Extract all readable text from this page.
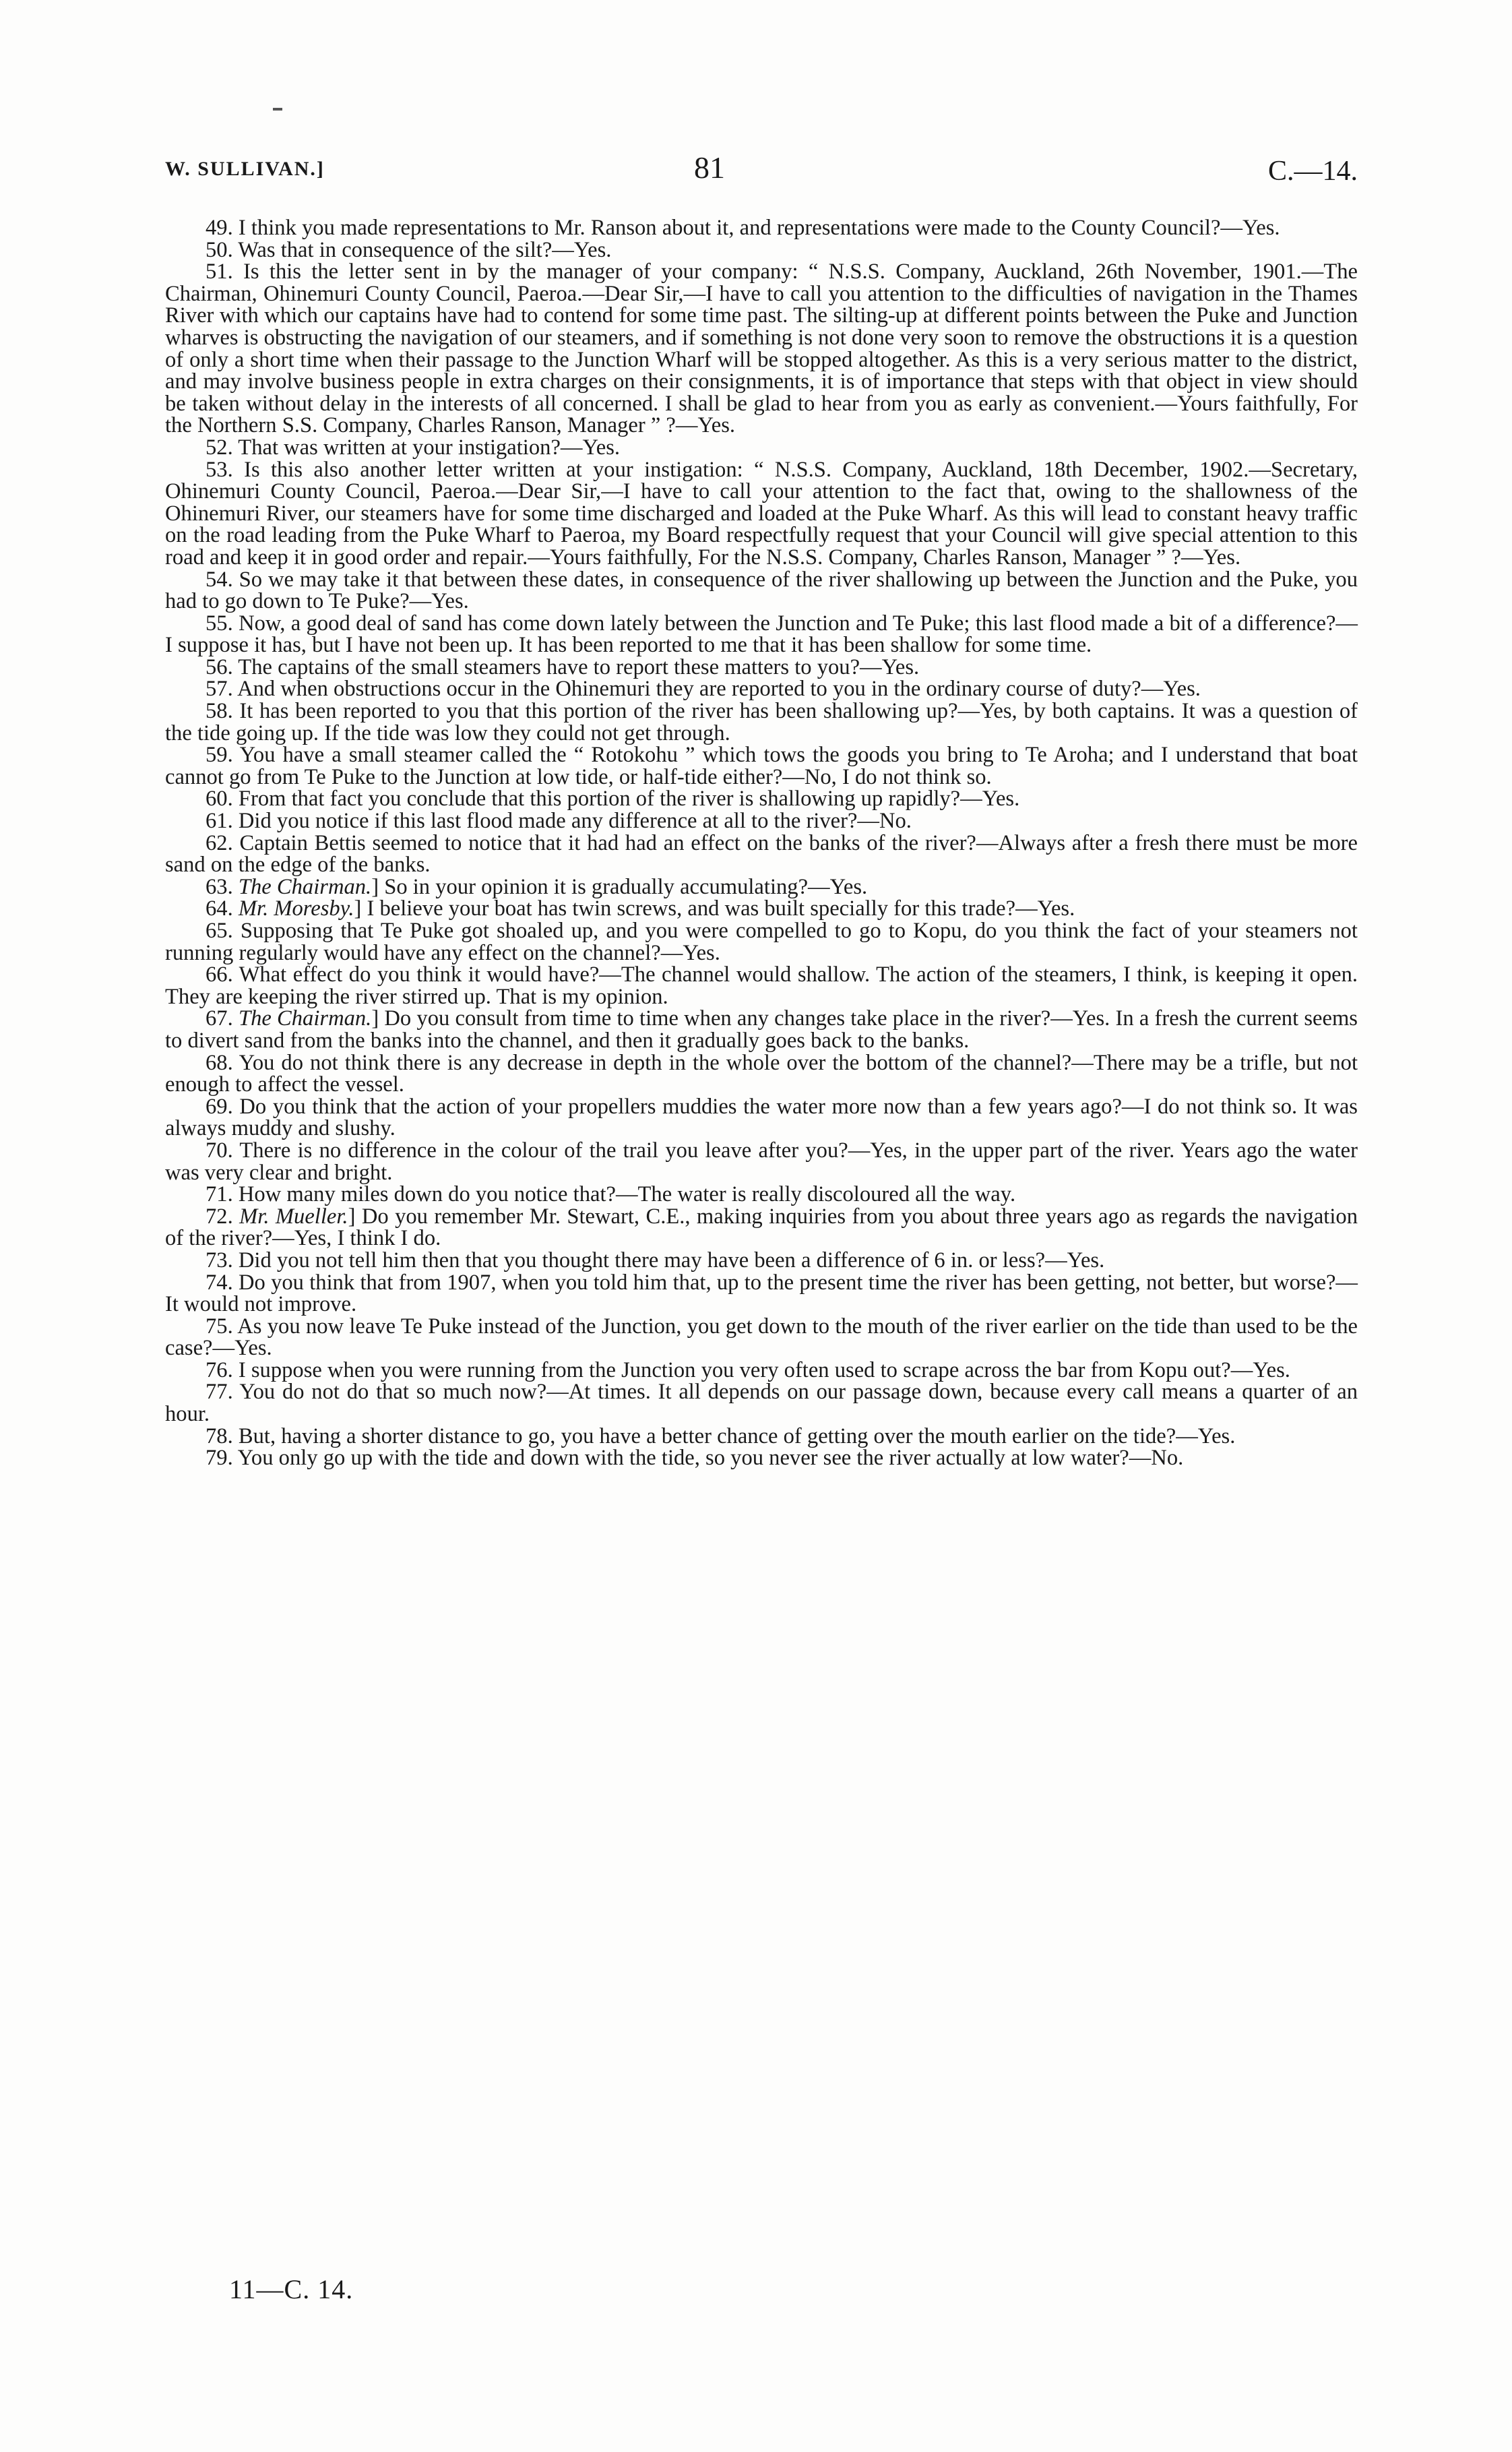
W. SULLIVAN.]	81	C.—14.

49. I think you made representations to Mr. Ranson about it, and representations were made to the County Council?—Yes.

50. Was that in consequence of the silt?—Yes.

51. Is this the letter sent in by the manager of your company: “ N.S.S. Company, Auckland, 26th November, 1901.—The Chairman, Ohinemuri County Council, Paeroa.—Dear Sir,—I have to call you attention to the difficulties of navigation in the Thames River with which our captains have had to contend for some time past. The silting-up at different points between the Puke and Junction wharves is obstructing the navigation of our steamers, and if something is not done very soon to remove the obstructions it is a question of only a short time when their passage to the Junction Wharf will be stopped altogether. As this is a very serious matter to the district, and may involve business people in extra charges on their consignments, it is of importance that steps with that object in view should be taken without delay in the interests of all concerned. I shall be glad to hear from you as early as convenient.—Yours faithfully, For the Northern S.S. Company, Charles Ranson, Manager ” ?—Yes.

52. That was written at your instigation?—Yes.

53. Is this also another letter written at your instigation: “ N.S.S. Company, Auckland, 18th December, 1902.—Secretary, Ohinemuri County Council, Paeroa.—Dear Sir,—I have to call your attention to the fact that, owing to the shallowness of the Ohinemuri River, our steamers have for some time discharged and loaded at the Puke Wharf. As this will lead to constant heavy traffic on the road leading from the Puke Wharf to Paeroa, my Board respectfully request that your Council will give special attention to this road and keep it in good order and repair.—Yours faithfully, For the N.S.S. Company, Charles Ranson, Manager ” ?—Yes.

54. So we may take it that between these dates, in consequence of the river shallowing up between the Junction and the Puke, you had to go down to Te Puke?—Yes.

55. Now, a good deal of sand has come down lately between the Junction and Te Puke; this last flood made a bit of a difference?—I suppose it has, but I have not been up. It has been reported to me that it has been shallow for some time.

56. The captains of the small steamers have to report these matters to you?—Yes.

57. And when obstructions occur in the Ohinemuri they are reported to you in the ordinary course of duty?—Yes.

58. It has been reported to you that this portion of the river has been shallowing up?—Yes, by both captains. It was a question of the tide going up. If the tide was low they could not get through.

59. You have a small steamer called the “ Rotokohu ” which tows the goods you bring to Te Aroha; and I understand that boat cannot go from Te Puke to the Junction at low tide, or half-tide either?—No, I do not think so.

60. From that fact you conclude that this portion of the river is shallowing up rapidly?—Yes.

61. Did you notice if this last flood made any difference at all to the river?—No.

62. Captain Bettis seemed to notice that it had had an effect on the banks of the river?—Always after a fresh there must be more sand on the edge of the banks.

63. The Chairman.] So in your opinion it is gradually accumulating?—Yes.

64. Mr. Moresby.] I believe your boat has twin screws, and was built specially for this trade?—Yes.

65. Supposing that Te Puke got shoaled up, and you were compelled to go to Kopu, do you think the fact of your steamers not running regularly would have any effect on the channel?—Yes.

66. What effect do you think it would have?—The channel would shallow. The action of the steamers, I think, is keeping it open. They are keeping the river stirred up. That is my opinion.

67. The Chairman.] Do you consult from time to time when any changes take place in the river?—Yes. In a fresh the current seems to divert sand from the banks into the channel, and then it gradually goes back to the banks.

68. You do not think there is any decrease in depth in the whole over the bottom of the channel?—There may be a trifle, but not enough to affect the vessel.

69. Do you think that the action of your propellers muddies the water more now than a few years ago?—I do not think so. It was always muddy and slushy.

70. There is no difference in the colour of the trail you leave after you?—Yes, in the upper part of the river. Years ago the water was very clear and bright.

71. How many miles down do you notice that?—The water is really discoloured all the way.

72. Mr. Mueller.] Do you remember Mr. Stewart, C.E., making inquiries from you about three years ago as regards the navigation of the river?—Yes, I think I do.

73. Did you not tell him then that you thought there may have been a difference of 6 in. or less?—Yes.

74. Do you think that from 1907, when you told him that, up to the present time the river has been getting, not better, but worse?—It would not improve.

75. As you now leave Te Puke instead of the Junction, you get down to the mouth of the river earlier on the tide than used to be the case?—Yes.

76. I suppose when you were running from the Junction you very often used to scrape across the bar from Kopu out?—Yes.

77. You do not do that so much now?—At times. It all depends on our passage down, because every call means a quarter of an hour.

78. But, having a shorter distance to go, you have a better chance of getting over the mouth earlier on the tide?—Yes.

79. You only go up with the tide and down with the tide, so you never see the river actually at low water?—No.

11—C. 14.
